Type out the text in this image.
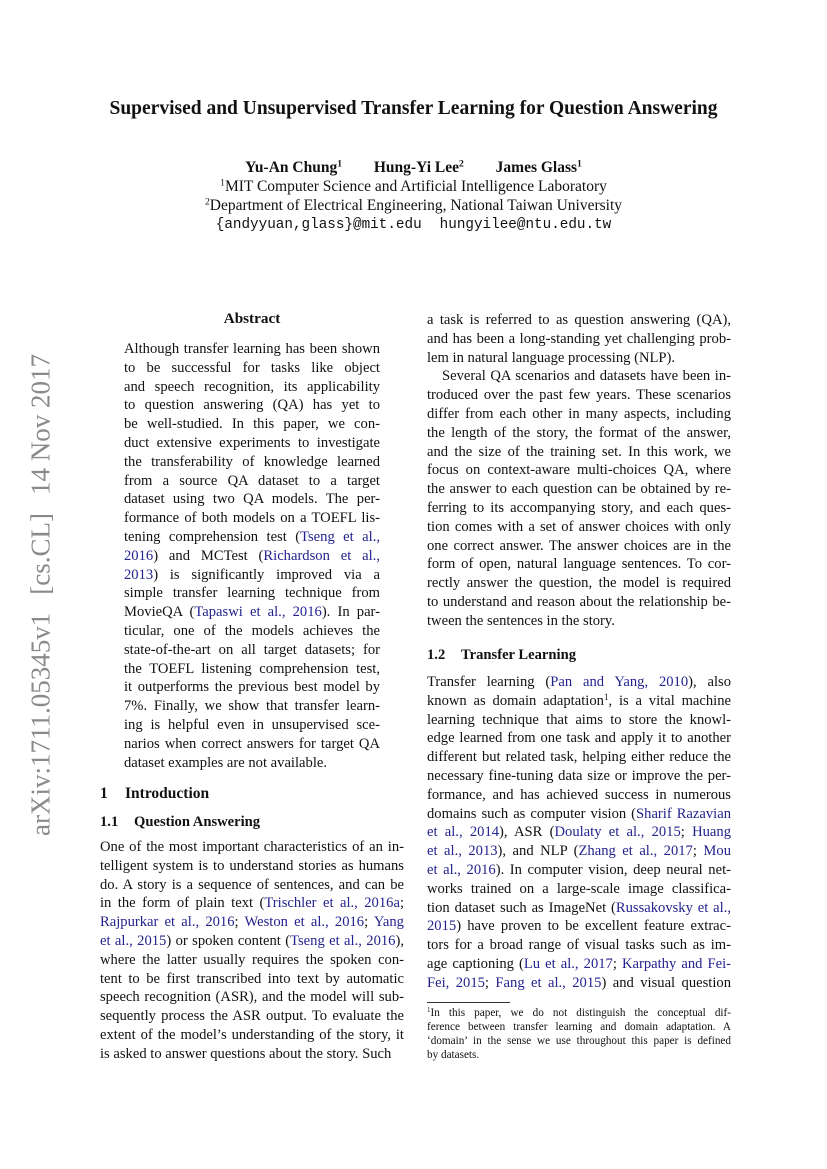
arXiv:1711.05345v1[cs.CL]14 Nov 2017
Supervised and Unsupervised Transfer Learning for Question Answering
Yu-An Chung$^1$ Hung-Yi Lee$^2$ James Glass$^1$
$^1$MIT Computer Science and Artificial Intelligence Laboratory
$^2$Department of Electrical Engineering, National Taiwan University
{andyyuan,glass}@mit.edu hungyilee@ntu.edu.tw
Abstract
Although transfer learning has been shown
to be successful for tasks like object
and speech recognition, its applicability
to question answering (QA) has yet to
be well-studied. In this paper, we con-
duct extensive experiments to investigate
the transferability of knowledge learned
from a source QA dataset to a target
dataset using two QA models. The per-
formance of both models on a TOEFL lis-
tening comprehension test (Tseng et al.,
2016) and MCTest (Richardson et al.,
2013) is significantly improved via a
simple transfer learning technique from
MovieQA (Tapaswi et al., 2016). In par-
ticular, one of the models achieves the
state-of-the-art on all target datasets; for
the TOEFL listening comprehension test,
it outperforms the previous best model by
7%. Finally, we show that transfer learn-
ing is helpful even in unsupervised sce-
narios when correct answers for target QA
dataset examples are not available.
1 Introduction
1.1 Question Answering
One of the most important characteristics of an in-
telligent system is to understand stories as humans
do. A story is a sequence of sentences, and can be
in the form of plain text (Trischler et al., 2016a;
Rajpurkar et al., 2016; Weston et al., 2016; Yang
et al., 2015) or spoken content (Tseng et al., 2016),
where the latter usually requires the spoken con-
tent to be first transcribed into text by automatic
speech recognition (ASR), and the model will sub-
sequently process the ASR output. To evaluate the
extent of the model’s understanding of the story, it
is asked to answer questions about the story. Such
a task is referred to as question answering (QA),
and has been a long-standing yet challenging prob-
lem in natural language processing (NLP).
Several QA scenarios and datasets have been in-
troduced over the past few years. These scenarios
differ from each other in many aspects, including
the length of the story, the format of the answer,
and the size of the training set. In this work, we
focus on context-aware multi-choices QA, where
the answer to each question can be obtained by re-
ferring to its accompanying story, and each ques-
tion comes with a set of answer choices with only
one correct answer. The answer choices are in the
form of open, natural language sentences. To cor-
rectly answer the question, the model is required
to understand and reason about the relationship be-
tween the sentences in the story.
1.2 Transfer Learning
Transfer learning (Pan and Yang, 2010), also
known as domain adaptation$^1$, is a vital machine
learning technique that aims to store the knowl-
edge learned from one task and apply it to another
different but related task, helping either reduce the
necessary fine-tuning data size or improve the per-
formance, and has achieved success in numerous
domains such as computer vision (Sharif Razavian
et al., 2014), ASR (Doulaty et al., 2015; Huang
et al., 2013), and NLP (Zhang et al., 2017; Mou
et al., 2016). In computer vision, deep neural net-
works trained on a large-scale image classifica-
tion dataset such as ImageNet (Russakovsky et al.,
2015) have proven to be excellent feature extrac-
tors for a broad range of visual tasks such as im-
age captioning (Lu et al., 2017; Karpathy and Fei-
Fei, 2015; Fang et al., 2015) and visual question
$^1$In this paper, we do not distinguish the conceptual dif-
ference between transfer learning and domain adaptation. A
‘domain’ in the sense we use throughout this paper is defined
by datasets.
